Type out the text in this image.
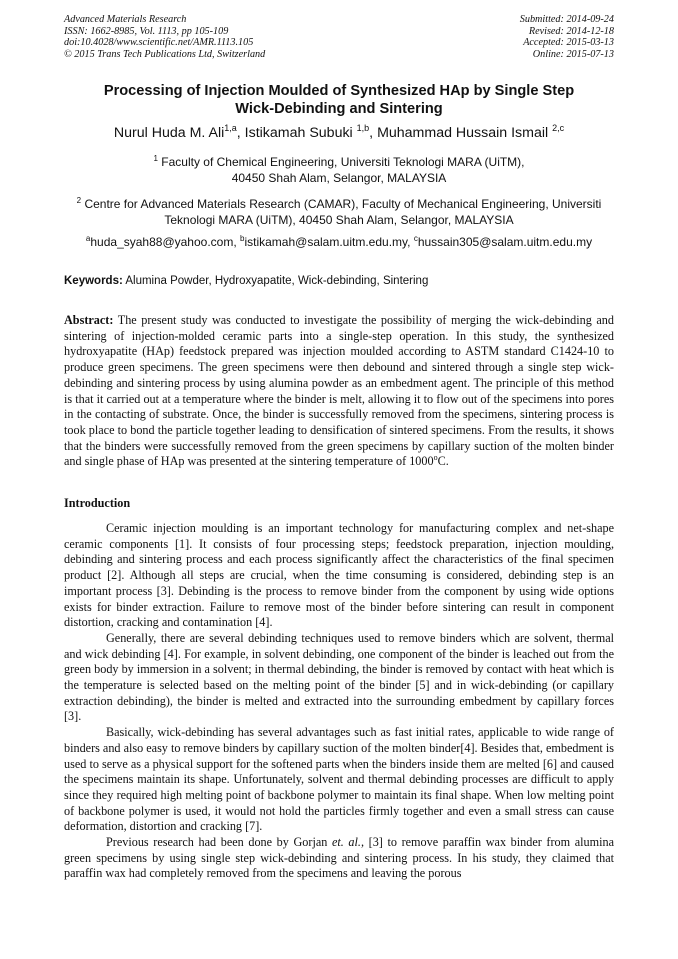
Advanced Materials Research
ISSN: 1662-8985, Vol. 1113, pp 105-109
doi:10.4028/www.scientific.net/AMR.1113.105
© 2015 Trans Tech Publications Ltd, Switzerland
Submitted: 2014-09-24
Revised: 2014-12-18
Accepted: 2015-03-13
Online: 2015-07-13
Processing of Injection Moulded of Synthesized HAp by Single Step
Wick-Debinding and Sintering
Nurul Huda M. Ali$^{1,a}$, Istikamah Subuki $^{1,b}$, Muhammad Hussain Ismail $^{2,c}$
$^1$ Faculty of Chemical Engineering, Universiti Teknologi MARA (UiTM),
40450 Shah Alam, Selangor, MALAYSIA
$^2$ Centre for Advanced Materials Research (CAMAR), Faculty of Mechanical Engineering, Universiti
Teknologi MARA (UiTM), 40450 Shah Alam, Selangor, MALAYSIA
$^a$huda_syah88@yahoo.com, $^b$istikamah@salam.uitm.edu.my, $^c$hussain305@salam.uitm.edu.my
Keywords: Alumina Powder, Hydroxyapatite, Wick-debinding, Sintering
Abstract: The present study was conducted to investigate the possibility of merging the wick-debinding and sintering of injection-molded ceramic parts into a single-step operation. In this study, the synthesized hydroxyapatite (HAp) feedstock prepared was injection moulded according to ASTM standard C1424-10 to produce green specimens. The green specimens were then debound and sintered through a single step wick-debinding and sintering process by using alumina powder as an embedment agent. The principle of this method is that it carried out at a temperature where the binder is melt, allowing it to flow out of the specimens into pores in the contacting of substrate. Once, the binder is successfully removed from the specimens, sintering process is took place to bond the particle together leading to densification of sintered specimens. From the results, it shows that the binders were successfully removed from the green specimens by capillary suction of the molten binder and single phase of HAp was presented at the sintering temperature of 1000$^o$C.
Introduction

Ceramic injection moulding is an important technology for manufacturing complex and net-shape ceramic components [1]. It consists of four processing steps; feedstock preparation, injection moulding, debinding and sintering process and each process significantly affect the characteristics of the final specimen product [2]. Although all steps are crucial, when the time consuming is considered, debinding step is an important process [3]. Debinding is the process to remove binder from the component by using wide options exists for binder extraction. Failure to remove most of the binder before sintering can result in component distortion, cracking and contamination [4].

Generally, there are several debinding techniques used to remove binders which are solvent, thermal and wick debinding [4]. For example, in solvent debinding, one component of the binder is leached out from the green body by immersion in a solvent; in thermal debinding, the binder is removed by contact with heat which is the temperature is selected based on the melting point of the binder [5] and in wick-debinding (or capillary extraction debinding), the binder is melted and extracted into the surrounding embedment by capillary forces [3].

Basically, wick-debinding has several advantages such as fast initial rates, applicable to wide range of binders and also easy to remove binders by capillary suction of the molten binder[4]. Besides that, embedment is used to serve as a physical support for the softened parts when the binders inside them are melted [6] and caused the specimens maintain its shape. Unfortunately, solvent and thermal debinding processes are difficult to apply since they required high melting point of backbone polymer to maintain its final shape. When low melting point of backbone polymer is used, it would not hold the particles firmly together and even a small stress can cause deformation, distortion and cracking [7].

Previous research had been done by Gorjan et. al., [3] to remove paraffin wax binder from alumina green specimens by using single step wick-debinding and sintering process. In his study, they claimed that paraffin wax had completely removed from the specimens and leaving the porous
